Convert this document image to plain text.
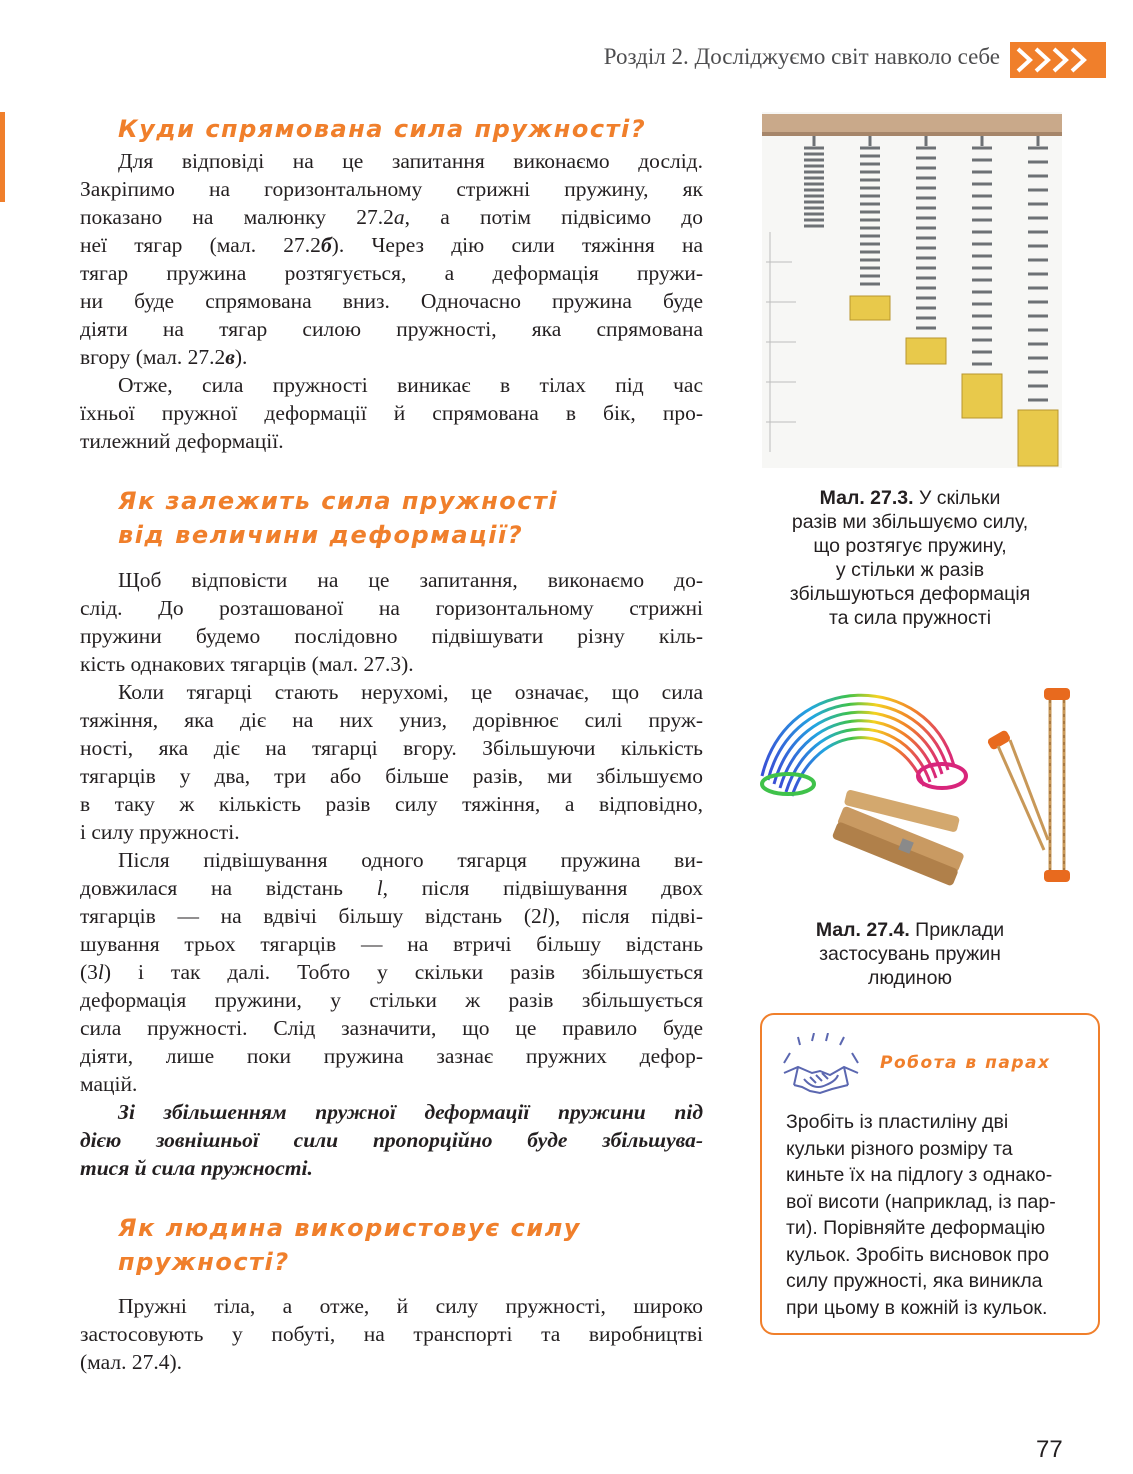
Розділ 2. Досліджуємо світ навколо себе
Куди спрямована сила пружності?

Для відповіді на це запитання виконаємо дослід.
Закріпимо на горизонтальному стрижні пружину, як
показано на малюнку 27.2а, а потім підвісимо до
неї тягар (мал. 27.2б). Через дію сили тяжіння на
тягар пружина розтягується, а деформація пружи-
ни буде спрямована вниз. Одночасно пружина буде
діяти на тягар силою пружності, яка спрямована
вгору (мал. 27.2в).

Отже, сила пружності виникає в тілах під час
їхньої пружної деформації й спрямована в бік, про-
тилежний деформації.

Як залежить сила пружності
від величини деформації?

Щоб відповісти на це запитання, виконаємо до-
слід. До розташованої на горизонтальному стрижні
пружини будемо послідовно підвішувати різну кіль-
кість однакових тягарців (мал. 27.3).

Коли тягарці стають нерухомі, це означає, що сила
тяжіння, яка діє на них униз, дорівнює силі пруж-
ності, яка діє на тягарці вгору. Збільшуючи кількість
тягарців у два, три або більше разів, ми збільшуємо
в таку ж кількість разів силу тяжіння, а відповідно,
і силу пружності.

Після підвішування одного тягарця пружина ви-
довжилася на відстань l, після підвішування двох
тягарців — на вдвічі більшу відстань (2l), після підві-
шування трьох тягарців — на втричі більшу відстань
(3l) і так далі. Тобто у скільки разів збільшується
деформація пружини, у стільки ж разів збільшується
сила пружності. Слід зазначити, що це правило буде
діяти, лише поки пружина зазнає пружних дефор-
мацій.

Зі збільшенням пружної деформації пружини під
дією зовнішньої сили пропорційно буде збільшува-
тися й сила пружності.

Як людина використовує силу
пружності?

Пружні тіла, а отже, й силу пружності, широко
застосовують у побуті, на транспорті та виробництві
(мал. 27.4).

Мал. 27.3. У скільки
разів ми збільшуємо силу,
що розтягує пружину,
у стільки ж разів
збільшуються деформація
та сила пружності
Мал. 27.4. Приклади
застосувань пружин
людиною
Робота в парах
Зробіть із пластиліну дві
кульки різного розміру та
киньте їх на підлогу з однако-
вої висоти (наприклад, із пар-
ти). Порівняйте деформацію
кульок. Зробіть висновок про
силу пружності, яка виникла
при цьому в кожній із кульок.
77
